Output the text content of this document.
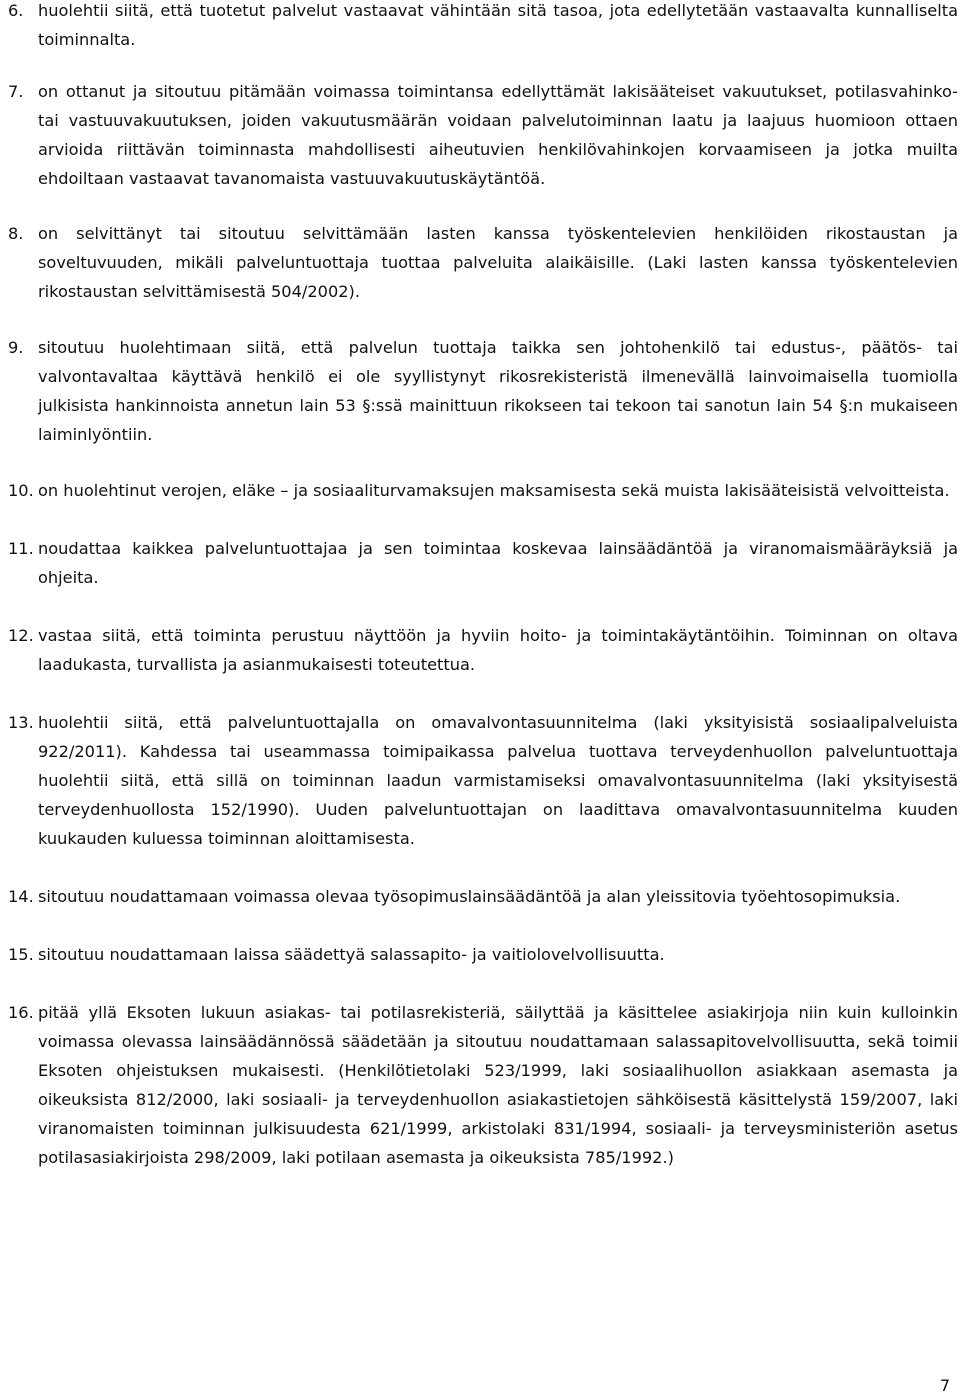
6. huolehtii siitä, että tuotetut palvelut vastaavat vähintään sitä tasoa, jota edellytetään vastaavalta kunnalliselta toiminnalta.
7. on ottanut ja sitoutuu pitämään voimassa toimintansa edellyttämät lakisääteiset vakuutukset, potilasvahinko- tai vastuuvakuutuksen, joiden vakuutusmäärän voidaan palvelutoiminnan laatu ja laajuus huomioon ottaen arvioida riittävän toiminnasta mahdollisesti aiheutuvien henkilövahinkojen korvaamiseen ja jotka muilta ehdoiltaan vastaavat tavanomaista vastuuvakuutuskäytäntöä.
8. on selvittänyt tai sitoutuu selvittämään lasten kanssa työskentelevien henkilöiden rikostaustan ja soveltuvuuden, mikäli palveluntuottaja tuottaa palveluita alaikäisille. (Laki lasten kanssa työskentelevien rikostaustan selvittämisestä 504/2002).
9. sitoutuu huolehtimaan siitä, että palvelun tuottaja taikka sen johtohenkilö tai edustus-, päätös- tai valvontavaltaa käyttävä henkilö ei ole syyllistynyt rikosrekisteristä ilmenevällä lainvoimaisella tuomiolla julkisista hankinnoista annetun lain 53 §:ssä mainittuun rikokseen tai tekoon tai sanotun lain 54 §:n mukaiseen laiminlyöntiin.
10. on huolehtinut verojen, eläke – ja sosiaaliturvamaksujen maksamisesta sekä muista lakisääteisistä velvoitteista.
11. noudattaa kaikkea palveluntuottajaa ja sen toimintaa koskevaa lainsäädäntöä ja viranomaismääräyksiä ja ohjeita.
12. vastaa siitä, että toiminta perustuu näyttöön ja hyviin hoito- ja toimintakäytäntöihin. Toiminnan on oltava laadukasta, turvallista ja asianmukaisesti toteutettua.
13. huolehtii siitä, että palveluntuottajalla on omavalvontasuunnitelma (laki yksityisistä sosiaalipalveluista 922/2011). Kahdessa tai useammassa toimipaikassa palvelua tuottava terveydenhuollon palveluntuottaja huolehtii siitä, että sillä on toiminnan laadun varmistamiseksi omavalvontasuunnitelma (laki yksityisestä terveydenhuollosta 152/1990). Uuden palveluntuottajan on laadittava omavalvontasuunnitelma kuuden kuukauden kuluessa toiminnan aloittamisesta.
14. sitoutuu noudattamaan voimassa olevaa työsopimuslainsäädäntöä ja alan yleissitovia työehtosopimuksia.
15. sitoutuu noudattamaan laissa säädettyä salassapito- ja vaitiolovelvollisuutta.
16. pitää yllä Eksoten lukuun asiakas- tai potilasrekisteriä, säilyttää ja käsittelee asiakirjoja niin kuin kulloinkin voimassa olevassa lainsäädännössä säädetään ja sitoutuu noudattamaan salassapitovelvollisuutta, sekä toimii Eksoten ohjeistuksen mukaisesti. (Henkilötietolaki 523/1999, laki sosiaalihuollon asiakkaan asemasta ja oikeuksista 812/2000, laki sosiaali- ja terveydenhuollon asiakastietojen sähköisestä käsittelystä 159/2007, laki viranomaisten toiminnan julkisuudesta 621/1999, arkistolaki 831/1994, sosiaali- ja terveysministeriön asetus potilasasiakirjoista 298/2009, laki potilaan asemasta ja oikeuksista 785/1992.)
7
